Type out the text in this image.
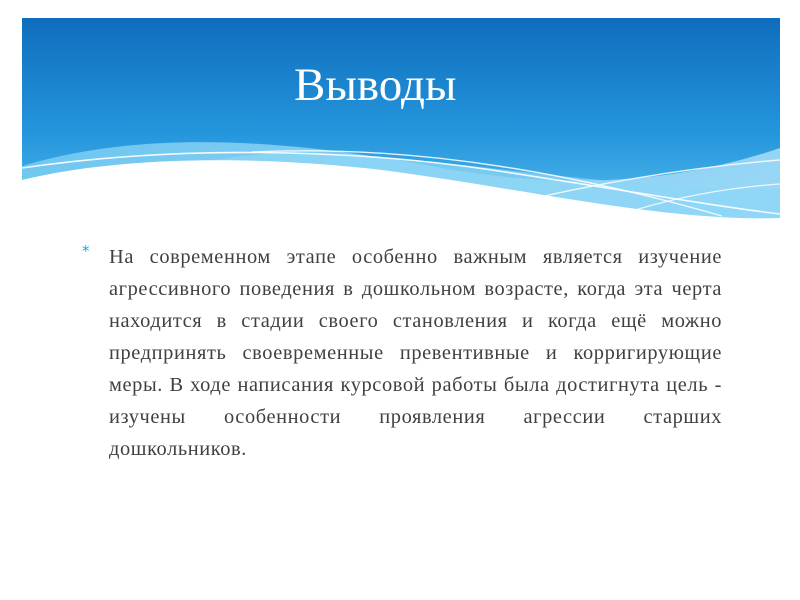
Выводы
* На современном этапе особенно важным является изучение агрессивного поведения в дошкольном возрасте, когда эта черта находится в стадии своего становления и когда ещё можно предпринять своевременные превентивные и корригирующие меры. В ходе написания курсовой работы была достигнута цель - изучены особенности проявления агрессии старших дошкольников.
